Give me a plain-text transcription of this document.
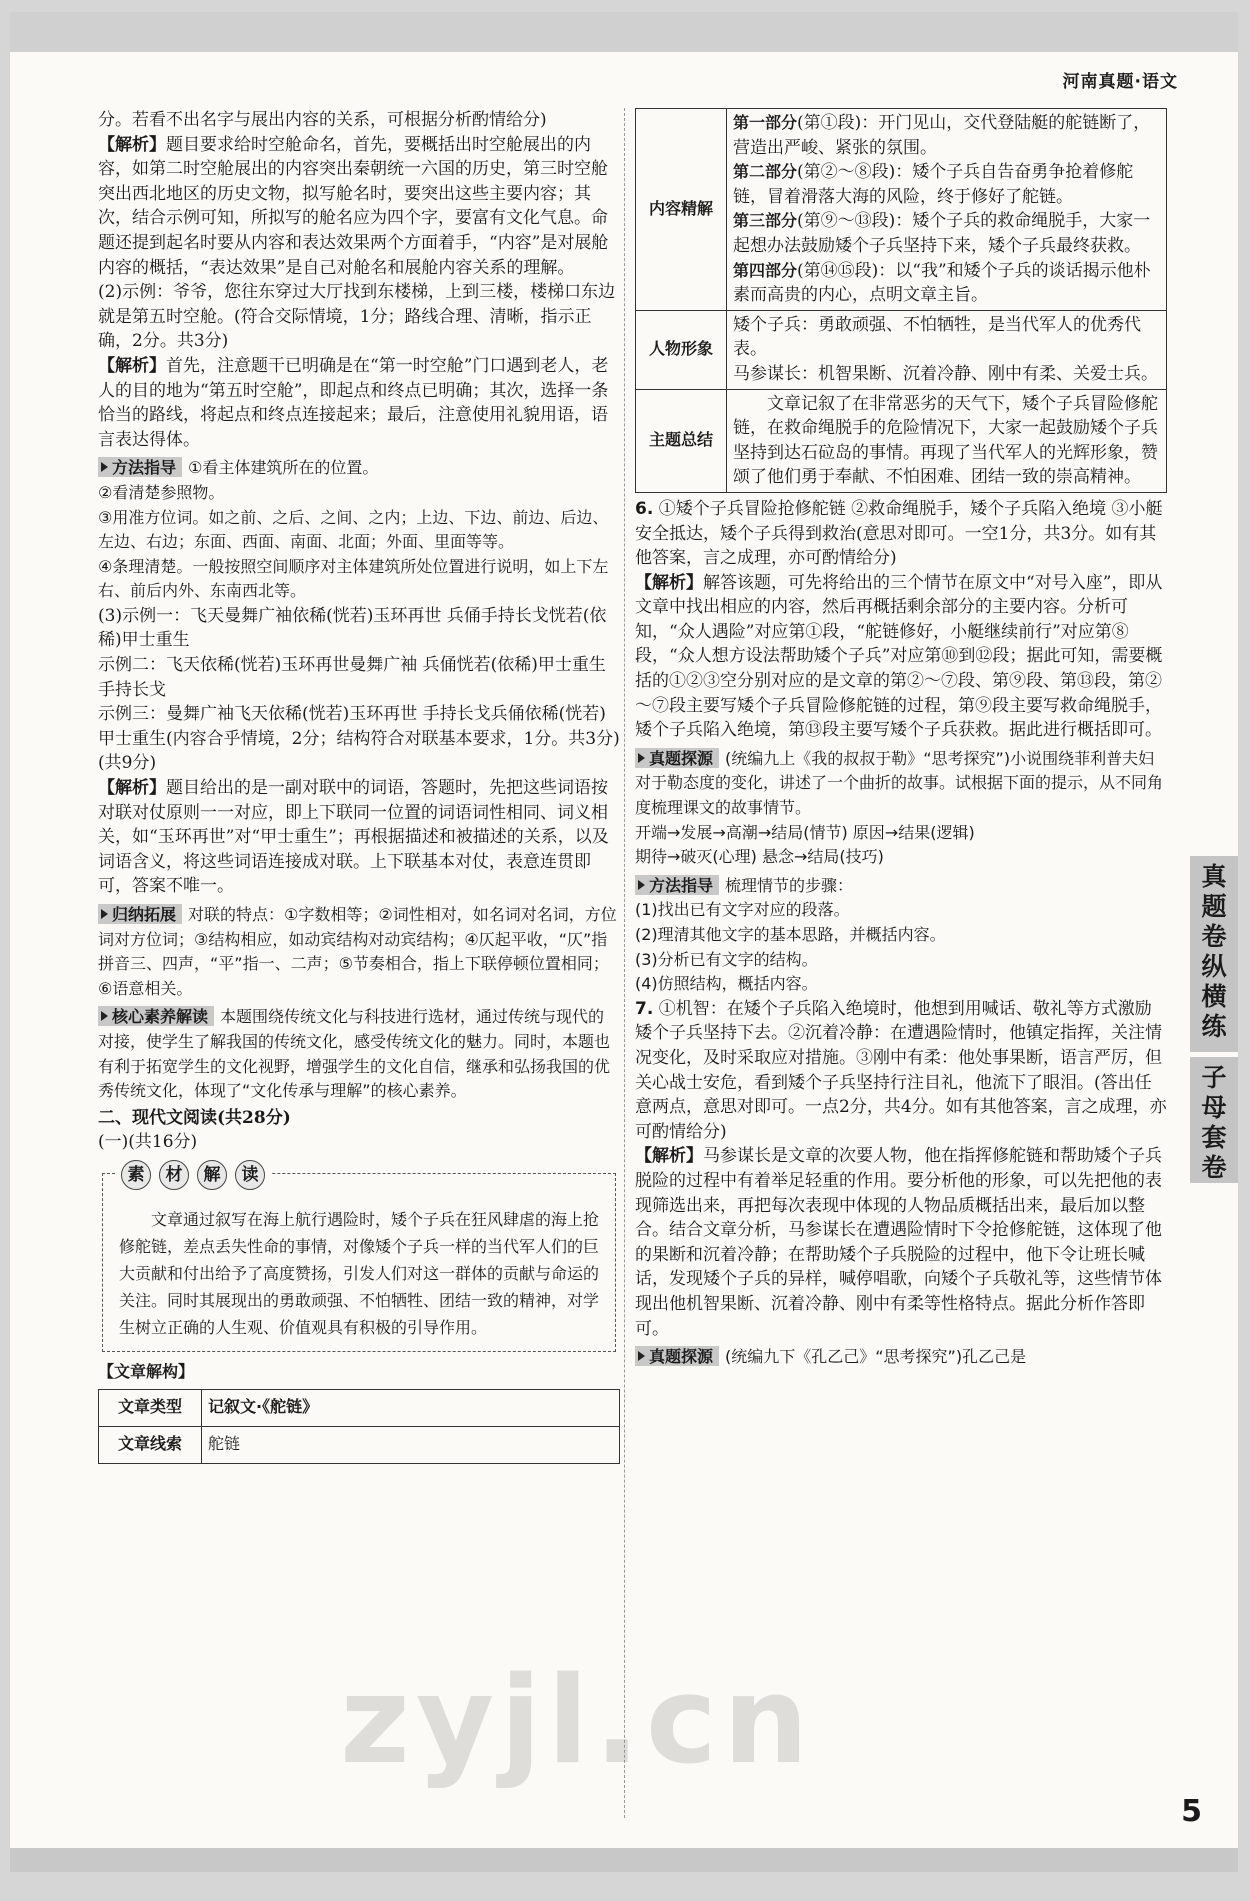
河南真题·语文

分。若看不出名字与展出内容的关系，可根据分析酌情给分)

【解析】题目要求给时空舱命名，首先，要概括出时空舱展出的内容，如第二时空舱展出的内容突出秦朝统一六国的历史，第三时空舱突出西北地区的历史文物，拟写舱名时，要突出这些主要内容；其次，结合示例可知，所拟写的舱名应为四个字，要富有文化气息。命题还提到起名时要从内容和表达效果两个方面着手，“内容”是对展舱内容的概括，“表达效果”是自己对舱名和展舱内容关系的理解。

(2)示例：爷爷，您往东穿过大厅找到东楼梯，上到三楼，楼梯口东边就是第五时空舱。(符合交际情境，1分；路线合理、清晰，指示正确，2分。共3分)

【解析】首先，注意题干已明确是在“第一时空舱”门口遇到老人，老人的目的地为“第五时空舱”，即起点和终点已明确；其次，选择一条恰当的路线，将起点和终点连接起来；最后，注意使用礼貌用语，语言表达得体。

方法指导 ①看主体建筑所在的位置。

②看清楚参照物。

③用准方位词。如之前、之后、之间、之内；上边、下边、前边、后边、左边、右边；东面、西面、南面、北面；外面、里面等等。

④条理清楚。一般按照空间顺序对主体建筑所处位置进行说明，如上下左右、前后内外、东南西北等。

(3)示例一：飞天曼舞广袖依稀(恍若)玉环再世 兵俑手持长戈恍若(依稀)甲士重生

示例二：飞天依稀(恍若)玉环再世曼舞广袖 兵俑恍若(依稀)甲士重生手持长戈

示例三：曼舞广袖飞天依稀(恍若)玉环再世 手持长戈兵俑依稀(恍若)甲士重生(内容合乎情境，2分；结构符合对联基本要求，1分。共3分)(共9分)

【解析】题目给出的是一副对联中的词语，答题时，先把这些词语按对联对仗原则一一对应，即上下联同一位置的词语词性相同、词义相关，如“玉环再世”对“甲士重生”；再根据描述和被描述的关系，以及词语含义，将这些词语连接成对联。上下联基本对仗，表意连贯即可，答案不唯一。

归纳拓展 对联的特点：①字数相等；②词性相对，如名词对名词，方位词对方位词；③结构相应，如动宾结构对动宾结构；④仄起平收，“仄”指拼音三、四声，“平”指一、二声；⑤节奏相合，指上下联停顿位置相同；⑥语意相关。

核心素养解读 本题围绕传统文化与科技进行选材，通过传统与现代的对接，使学生了解我国的传统文化，感受传统文化的魅力。同时，本题也有利于拓宽学生的文化视野，增强学生的文化自信，继承和弘扬我国的优秀传统文化，体现了“文化传承与理解”的核心素养。

二、现代文阅读(共28分)

(一)(共16分)

素	材	解	读

文章通过叙写在海上航行遇险时，矮个子兵在狂风肆虐的海上抢修舵链，差点丢失性命的事情，对像矮个子兵一样的当代军人们的巨大贡献和付出给予了高度赞扬，引发人们对这一群体的贡献与命运的关注。同时其展现出的勇敢顽强、不怕牺牲、团结一致的精神，对学生树立正确的人生观、价值观具有积极的引导作用。

【文章解构】

文章类型	记叙文·《舵链》
文章线索	舵链
内容精解	第一部分(第①段)：开门见山，交代登陆艇的舵链断了，营造出严峻、紧张的氛围。

第二部分(第②～⑧段)：矮个子兵自告奋勇争抢着修舵链，冒着滑落大海的风险，终于修好了舵链。

第三部分(第⑨～⑬段)：矮个子兵的救命绳脱手，大家一起想办法鼓励矮个子兵坚持下来，矮个子兵最终获救。

第四部分(第⑭⑮段)：以“我”和矮个子兵的谈话揭示他朴素而高贵的内心，点明文章主旨。

人物形象	矮个子兵：勇敢顽强、不怕牺牲，是当代军人的优秀代表。

马参谋长：机智果断、沉着冷静、刚中有柔、关爱士兵。

主题总结	文章记叙了在非常恶劣的天气下，矮个子兵冒险修舵链，在救命绳脱手的危险情况下，大家一起鼓励矮个子兵坚持到达石砬岛的事情。再现了当代军人的光辉形象，赞颂了他们勇于奉献、不怕困难、团结一致的崇高精神。

6. ①矮个子兵冒险抢修舵链 ②救命绳脱手，矮个子兵陷入绝境 ③小艇安全抵达，矮个子兵得到救治(意思对即可。一空1分，共3分。如有其他答案，言之成理，亦可酌情给分)

【解析】解答该题，可先将给出的三个情节在原文中“对号入座”，即从文章中找出相应的内容，然后再概括剩余部分的主要内容。分析可知，“众人遇险”对应第①段，“舵链修好，小艇继续前行”对应第⑧段，“众人想方设法帮助矮个子兵”对应第⑩到⑫段；据此可知，需要概括的①②③空分别对应的是文章的第②～⑦段、第⑨段、第⑬段，第②～⑦段主要写矮个子兵冒险修舵链的过程，第⑨段主要写救命绳脱手，矮个子兵陷入绝境，第⑬段主要写矮个子兵获救。据此进行概括即可。

真题探源 (统编九上《我的叔叔于勒》“思考探究”)小说围绕菲利普夫妇对于勒态度的变化，讲述了一个曲折的故事。试根据下面的提示，从不同角度梳理课文的故事情节。

开端→发展→高潮→结局(情节) 原因→结果(逻辑)

期待→破灭(心理) 悬念→结局(技巧)

方法指导 梳理情节的步骤：

(1)找出已有文字对应的段落。

(2)理清其他文字的基本思路，并概括内容。

(3)分析已有文字的结构。

(4)仿照结构，概括内容。

7. ①机智：在矮个子兵陷入绝境时，他想到用喊话、敬礼等方式激励矮个子兵坚持下去。②沉着冷静：在遭遇险情时，他镇定指挥，关注情况变化，及时采取应对措施。③刚中有柔：他处事果断，语言严厉，但关心战士安危，看到矮个子兵坚持行注目礼，他流下了眼泪。(答出任意两点，意思对即可。一点2分，共4分。如有其他答案，言之成理，亦可酌情给分)

【解析】马参谋长是文章的次要人物，他在指挥修舵链和帮助矮个子兵脱险的过程中有着举足轻重的作用。要分析他的形象，可以先把他的表现筛选出来，再把每次表现中体现的人物品质概括出来，最后加以整合。结合文章分析，马参谋长在遭遇险情时下令抢修舵链，这体现了他的果断和沉着冷静；在帮助矮个子兵脱险的过程中，他下令让班长喊话，发现矮个子兵的异样，喊停唱歌，向矮个子兵敬礼等，这些情节体现出他机智果断、沉着冷静、刚中有柔等性格特点。据此分析作答即可。

真题探源 (统编九下《孔乙己》“思考探究”)孔乙己是

真
题
卷
纵
横
练
子
母
套
卷
zyjl.cn
5
